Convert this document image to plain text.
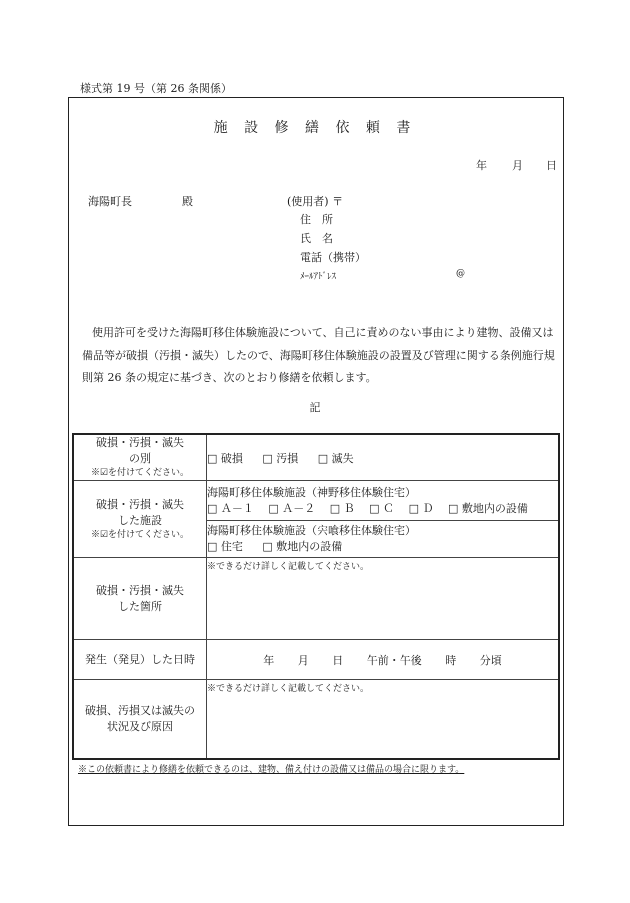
様式第 19 号（第 26 条関係）
施 設 修 繕 依 頼 書
年 月 日
海陽町長	殿	(使用者) 〒
住　所
氏　名
電話（携帯）
ﾒｰﾙｱﾄﾞﾚｽ	@
使用許可を受けた海陽町移住体験施設について、自己に責めのない事由により建物、設備又は備品等が破損（汚損・滅失）したので、海陽町移住体験施設の設置及び管理に関する条例施行規則第 26 条の規定に基づき、次のとおり修繕を依頼します。
記
破損・汚損・滅失
の別
※☑を付けてください。	□ 破損 □ 汚損 □ 滅失

破損・汚損・滅失
した施設
※☑を付けてください。	海陽町移住体験施設（神野移住体験住宅）
□ Ａ－１　 □ Ａ－２　 □ Ｂ　 □ Ｃ　 □ Ｄ　 □ 敷地内の設備

	海陽町移住体験施設（宍喰移住体験住宅）
□ 住宅 □ 敷地内の設備

破損・汚損・滅失
した箇所	※できるだけ詳しく記載してください。

発生（発見）した日時	年 月 日 午前・午後 時 分頃

破損、汚損又は滅失の
状況及び原因	※できるだけ詳しく記載してください。
※この依頼書により修繕を依頼できるのは、建物、備え付けの設備又は備品の場合に限ります。
